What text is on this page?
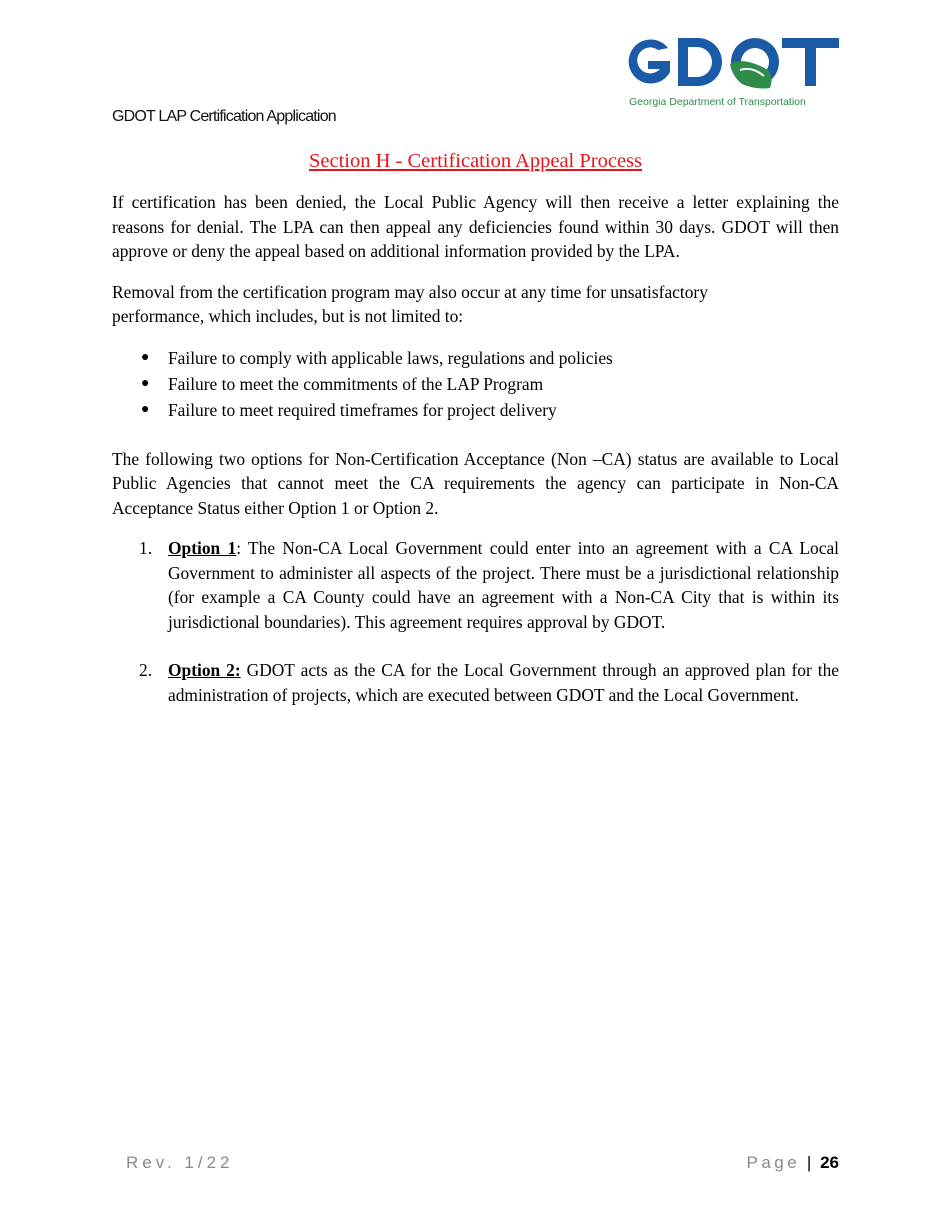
GDOT LAP Certification Application
Georgia Department of Transportation
Section H - Certification Appeal Process

If certification has been denied, the Local Public Agency will then receive a letter explaining the reasons for denial. The LPA can then appeal any deficiencies found within 30 days. GDOT will then approve or deny the appeal based on additional information provided by the LPA.

Removal from the certification program may also occur at any time for unsatisfactory
performance, which includes, but is not limited to:

● Failure to comply with applicable laws, regulations and policies
● Failure to meet the commitments of the LAP Program
● Failure to meet required timeframes for project delivery

The following two options for Non-Certification Acceptance (Non –CA) status are available to Local Public Agencies that cannot meet the CA requirements the agency can participate in Non-CA Acceptance Status either Option 1 or Option 2.

1. Option 1: The Non-CA Local Government could enter into an agreement with a CA Local Government to administer all aspects of the project. There must be a jurisdictional relationship (for example a CA County could have an agreement with a Non-CA City that is within its jurisdictional boundaries). This agreement requires approval by GDOT.
2. Option 2: GDOT acts as the CA for the Local Government through an approved plan for the administration of projects, which are executed between GDOT and the Local Government.
Rev. 1/22	Page | 26
